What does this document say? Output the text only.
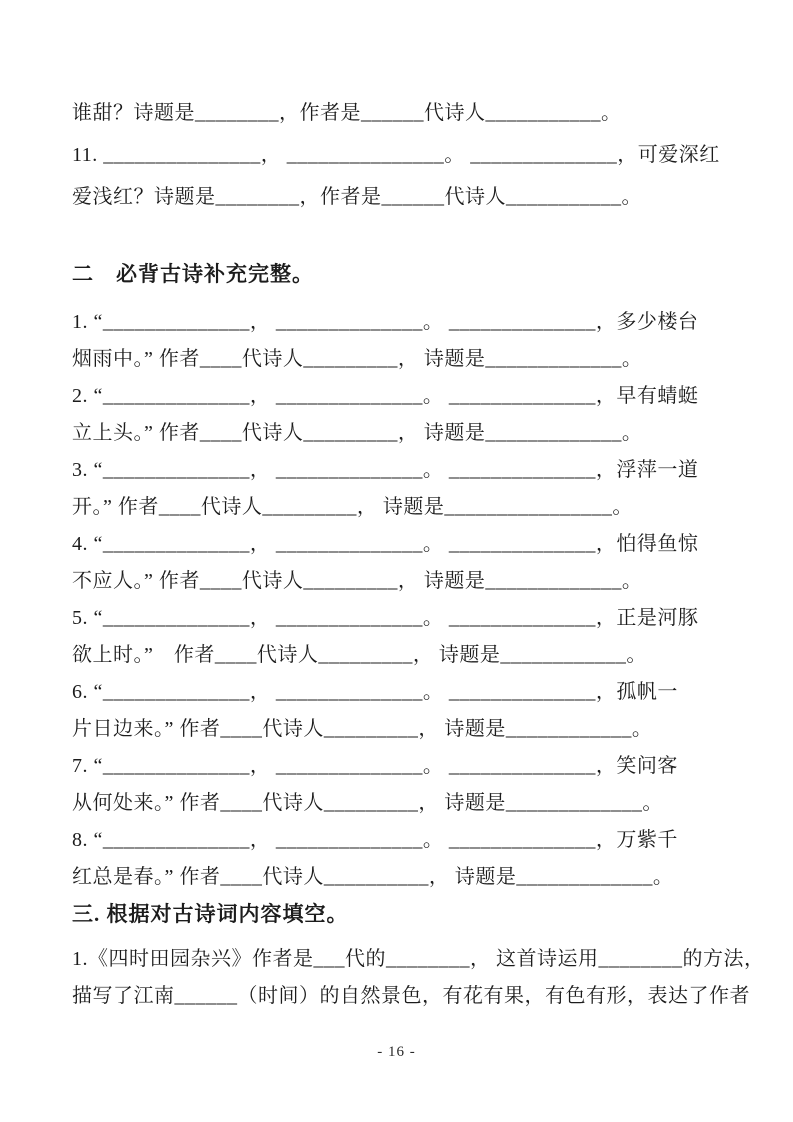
谁甜？诗题是________，作者是______代诗人___________。
11. _______________， _______________。 ______________，可爱深红
爱浅红？诗题是________，作者是______代诗人___________。
二　必背古诗补充完整。
1. “______________， ______________。 ______________，多少楼台
烟雨中。” 作者____代诗人_________， 诗题是_____________。
2. “______________， ______________。 ______________，早有蜻蜓
立上头。” 作者____代诗人_________， 诗题是_____________。
3. “______________， ______________。 ______________，浮萍一道
开。” 作者____代诗人_________， 诗题是________________。
4. “______________， ______________。 ______________，怕得鱼惊
不应人。” 作者____代诗人_________， 诗题是_____________。
5. “______________， ______________。 ______________，正是河豚
欲上时。”　作者____代诗人_________， 诗题是____________。
6. “______________， ______________。 ______________，孤帆一
片日边来。” 作者____代诗人_________， 诗题是____________。
7. “______________， ______________。 ______________，笑问客
从何处来。” 作者____代诗人_________， 诗题是_____________。
8. “______________， ______________。 ______________，万紫千
红总是春。” 作者____代诗人__________， 诗题是_____________。
三. 根据对古诗词内容填空。
1.《四时田园杂兴》作者是___代的________， 这首诗运用________的方法，
描写了江南______（时间）的自然景色，有花有果，有色有形，表达了作者
- 16 -
